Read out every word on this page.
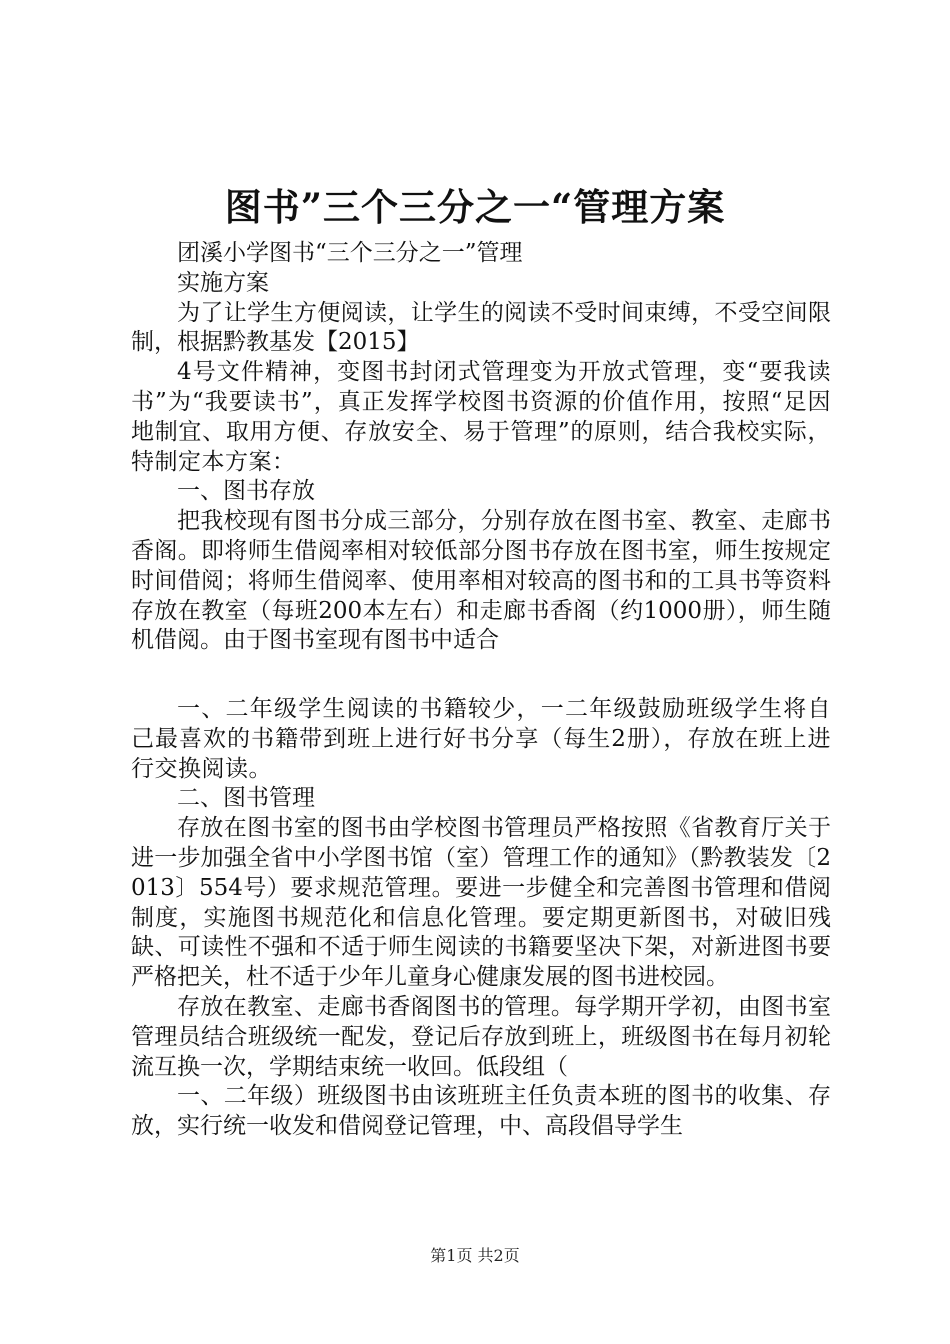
图书”三个三分之一“管理方案

团溪小学图书“三个三分之一”管理

实施方案

为了让学生方便阅读，让学生的阅读不受时间束缚，不受空间限制，根据黔教基发【2015】

4号文件精神，变图书封闭式管理变为开放式管理，变“要我读书”为“我要读书”，真正发挥学校图书资源的价值作用，按照“足因地制宜、取用方便、存放安全、易于管理”的原则，结合我校实际，特制定本方案：

一、图书存放

把我校现有图书分成三部分，分别存放在图书室、教室、走廊书香阁。即将师生借阅率相对较低部分图书存放在图书室，师生按规定时间借阅；将师生借阅率、使用率相对较高的图书和的工具书等资料存放在教室（每班200本左右）和走廊书香阁（约1000册），师生随机借阅。由于图书室现有图书中适合

一、二年级学生阅读的书籍较少，一二年级鼓励班级学生将自己最喜欢的书籍带到班上进行好书分享（每生2册），存放在班上进行交换阅读。

二、图书管理

存放在图书室的图书由学校图书管理员严格按照《省教育厅关于进一步加强全省中小学图书馆（室）管理工作的通知》（黔教装发〔2013〕554号）要求规范管理。要进一步健全和完善图书管理和借阅制度，实施图书规范化和信息化管理。要定期更新图书，对破旧残缺、可读性不强和不适于师生阅读的书籍要坚决下架，对新进图书要严格把关，杜不适于少年儿童身心健康发展的图书进校园。

存放在教室、走廊书香阁图书的管理。每学期开学初，由图书室管理员结合班级统一配发，登记后存放到班上，班级图书在每月初轮流互换一次，学期结束统一收回。低段组（

一、二年级）班级图书由该班班主任负责本班的图书的收集、存放，实行统一收发和借阅登记管理，中、高段倡导学生

第1页 共2页
